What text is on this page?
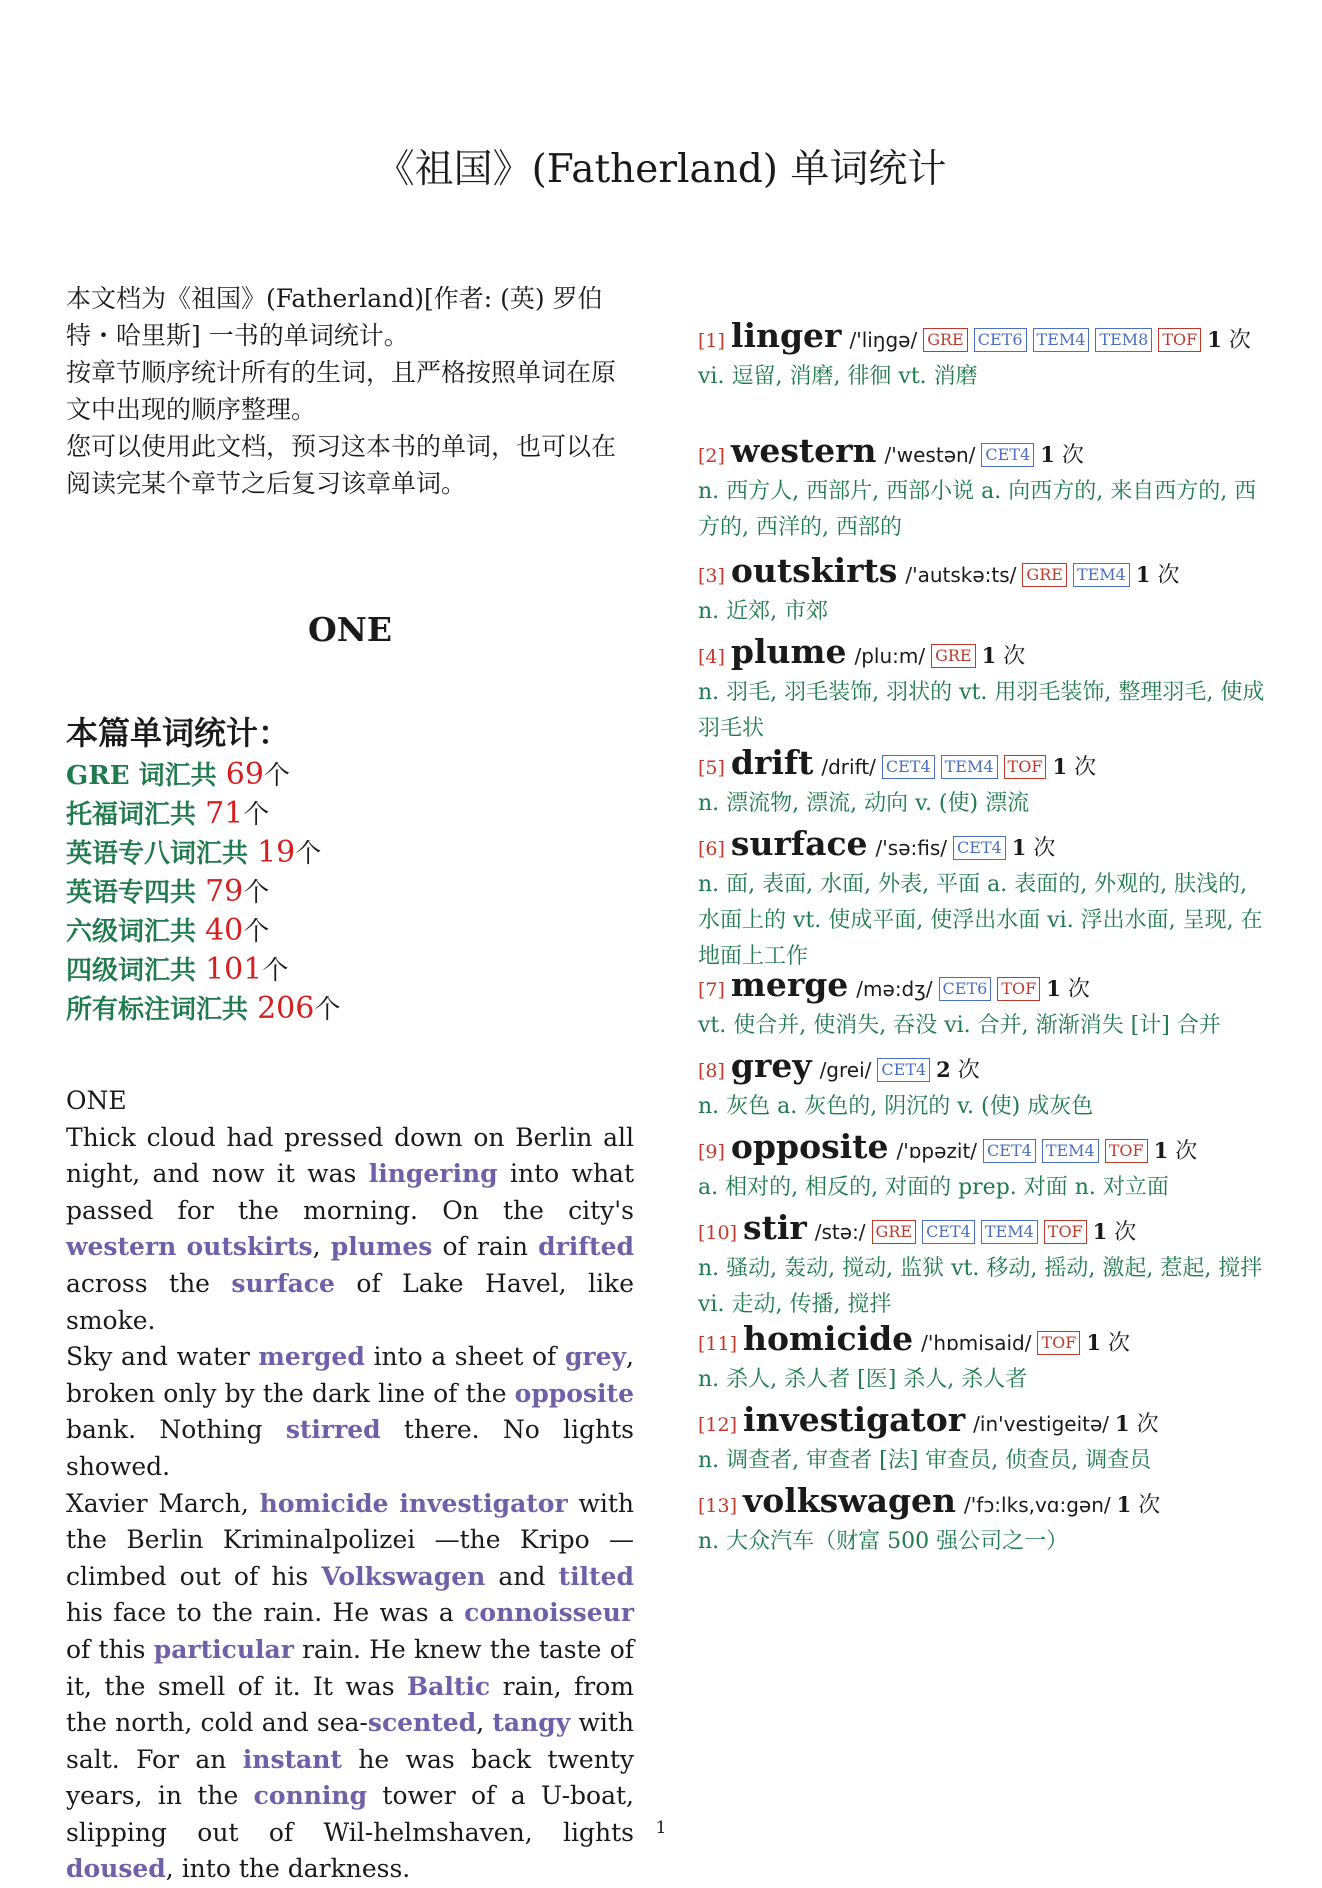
《祖国》(Fatherland) 单词统计

本文档为《祖国》(Fatherland)[作者: (英) 罗伯特・哈里斯] 一书的单词统计。

按章节顺序统计所有的生词，且严格按照单词在原文中出现的顺序整理。

您可以使用此文档，预习这本书的单词，也可以在阅读完某个章节之后复习该章单词。

ONE

本篇单词统计：

GRE 词汇共 69个
托福词汇共 71个
英语专八词汇共 19个
英语专四共 79个
六级词汇共 40个
四级词汇共 101个
所有标注词汇共 206个

ONE

Thick cloud had pressed down on Berlin all night, and now it was lingering into what passed for the morning. On the city's western outskirts, plumes of rain drifted across the surface of Lake Havel, like smoke.

Sky and water merged into a sheet of grey, broken only by the dark line of the opposite bank. Nothing stirred there. No lights showed.

Xavier March, homicide investigator with the Berlin Kriminalpolizei —the Kripo — climbed out of his Volkswagen and tilted his face to the rain. He was a connoisseur of this particular rain. He knew the taste of it, the smell of it. It was Baltic rain, from the north, cold and sea-scented, tangy with salt. For an instant he was back twenty years, in the conning tower of a U-boat, slipping out of Wil-helmshaven, lights doused, into the darkness.

[1] linger /'liŋgə/ GRE CET6 TEM4 TEM8 TOF 1 次
vi. 逗留, 消磨, 徘徊 vt. 消磨
[2] western /'westən/ CET4 1 次
n. 西方人, 西部片, 西部小说 a. 向西方的, 来自西方的, 西方的, 西洋的, 西部的
[3] outskirts /'autskə:ts/ GRE TEM4 1 次
n. 近郊, 市郊
[4] plume /plu:m/ GRE 1 次
n. 羽毛, 羽毛装饰, 羽状的 vt. 用羽毛装饰, 整理羽毛, 使成羽毛状
[5] drift /drift/ CET4 TEM4 TOF 1 次
n. 漂流物, 漂流, 动向 v. (使) 漂流
[6] surface /'sə:fis/ CET4 1 次
n. 面, 表面, 水面, 外表, 平面 a. 表面的, 外观的, 肤浅的, 水面上的 vt. 使成平面, 使浮出水面 vi. 浮出水面, 呈现, 在地面上工作
[7] merge /mə:dʒ/ CET6 TOF 1 次
vt. 使合并, 使消失, 吞没 vi. 合并, 渐渐消失 [计] 合并
[8] grey /grei/ CET4 2 次
n. 灰色 a. 灰色的, 阴沉的 v. (使) 成灰色
[9] opposite /'ɒpəzit/ CET4 TEM4 TOF 1 次
a. 相对的, 相反的, 对面的 prep. 对面 n. 对立面
[10] stir /stə:/ GRE CET4 TEM4 TOF 1 次
n. 骚动, 轰动, 搅动, 监狱 vt. 移动, 摇动, 激起, 惹起, 搅拌 vi. 走动, 传播, 搅拌
[11] homicide /'hɒmisaid/ TOF 1 次
n. 杀人, 杀人者 [医] 杀人, 杀人者
[12] investigator /in'vestigeitə/ 1 次
n. 调查者, 审查者 [法] 审查员, 侦查员, 调查员
[13] volkswagen /'fɔ:lks,vɑ:gən/ 1 次
n. 大众汽车（财富 500 强公司之一）

1
